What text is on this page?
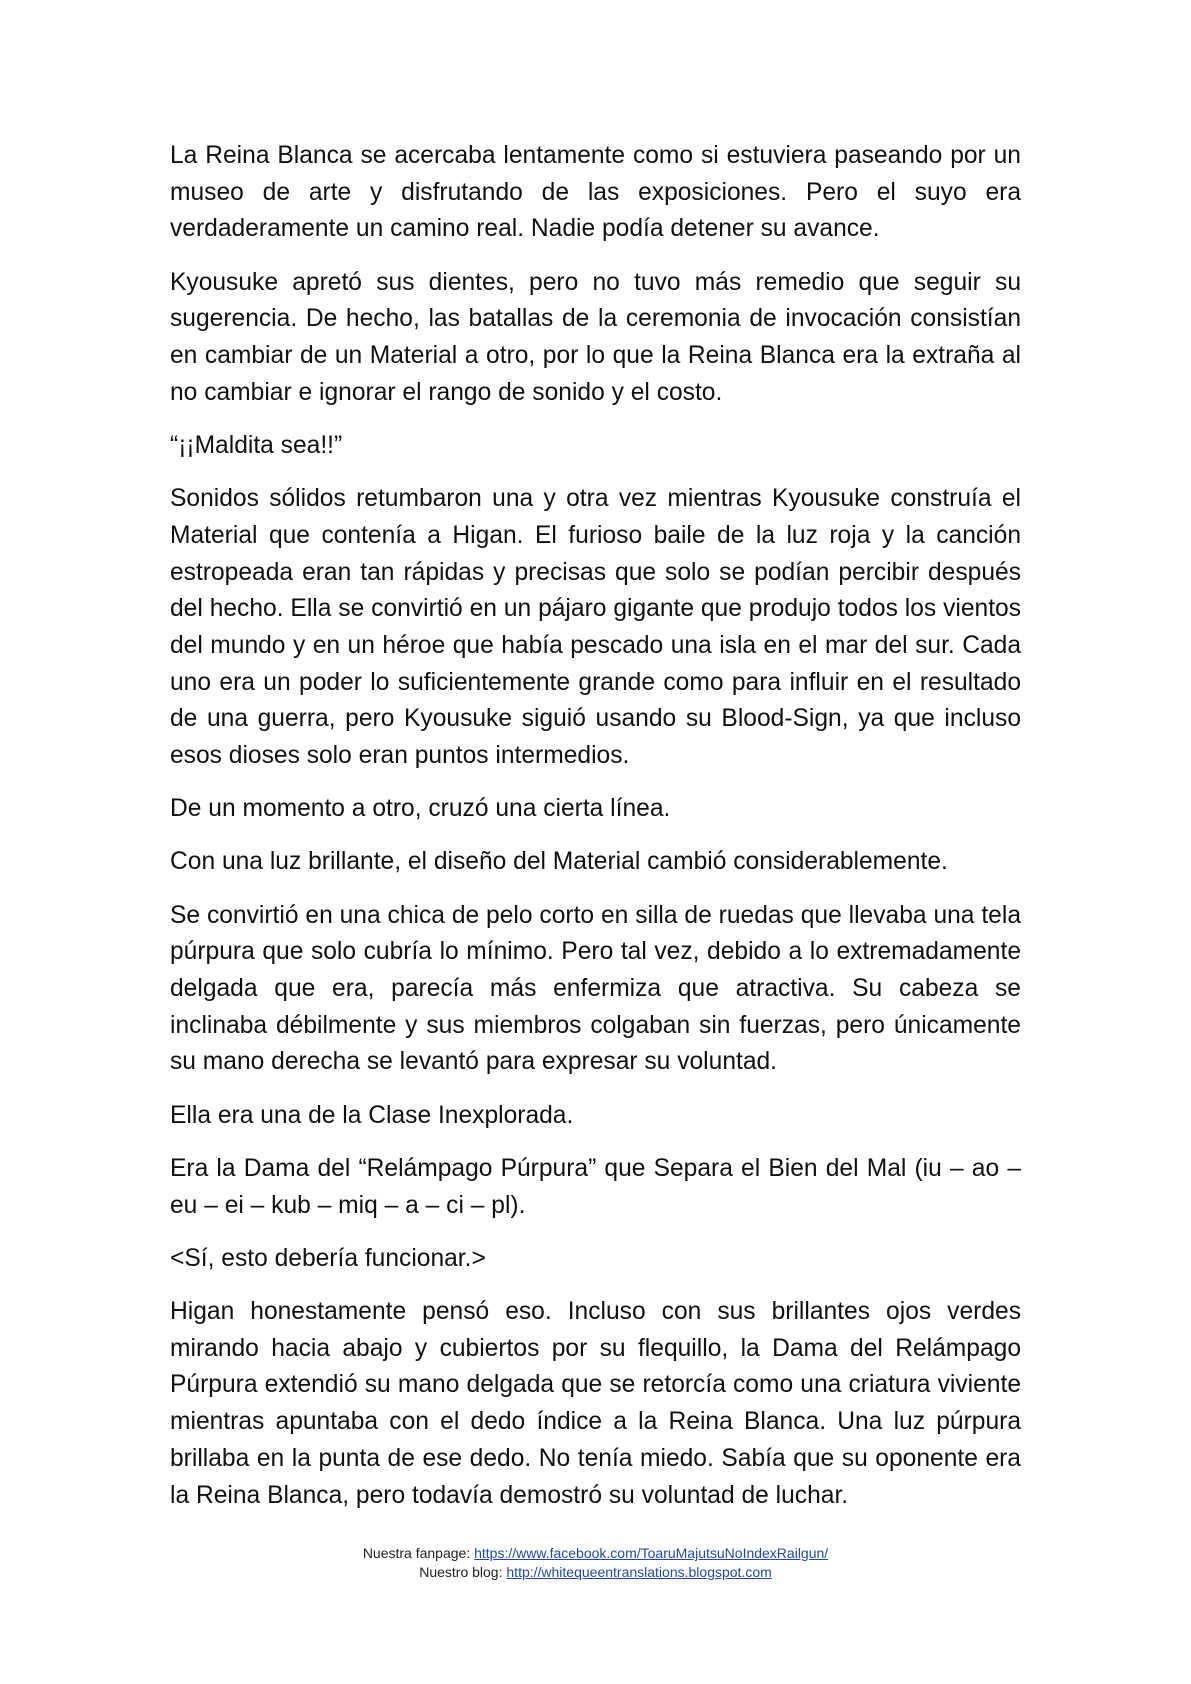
La Reina Blanca se acercaba lentamente como si estuviera paseando por un museo de arte y disfrutando de las exposiciones. Pero el suyo era verdaderamente un camino real. Nadie podía detener su avance.

Kyousuke apretó sus dientes, pero no tuvo más remedio que seguir su sugerencia. De hecho, las batallas de la ceremonia de invocación consistían en cambiar de un Material a otro, por lo que la Reina Blanca era la extraña al no cambiar e ignorar el rango de sonido y el costo.

“¡¡Maldita sea!!”

Sonidos sólidos retumbaron una y otra vez mientras Kyousuke construía el Material que contenía a Higan. El furioso baile de la luz roja y la canción estropeada eran tan rápidas y precisas que solo se podían percibir después del hecho. Ella se convirtió en un pájaro gigante que produjo todos los vientos del mundo y en un héroe que había pescado una isla en el mar del sur. Cada uno era un poder lo suficientemente grande como para influir en el resultado de una guerra, pero Kyousuke siguió usando su Blood-Sign, ya que incluso esos dioses solo eran puntos intermedios.

De un momento a otro, cruzó una cierta línea.

Con una luz brillante, el diseño del Material cambió considerablemente.

Se convirtió en una chica de pelo corto en silla de ruedas que llevaba una tela púrpura que solo cubría lo mínimo. Pero tal vez, debido a lo extremadamente delgada que era, parecía más enfermiza que atractiva. Su cabeza se inclinaba débilmente y sus miembros colgaban sin fuerzas, pero únicamente su mano derecha se levantó para expresar su voluntad.

Ella era una de la Clase Inexplorada.

Era la Dama del “Relámpago Púrpura” que Separa el Bien del Mal (iu – ao – eu – ei – kub – miq – a – ci – pl).

<Sí, esto debería funcionar.>

Higan honestamente pensó eso. Incluso con sus brillantes ojos verdes mirando hacia abajo y cubiertos por su flequillo, la Dama del Relámpago Púrpura extendió su mano delgada que se retorcía como una criatura viviente mientras apuntaba con el dedo índice a la Reina Blanca. Una luz púrpura brillaba en la punta de ese dedo. No tenía miedo. Sabía que su oponente era la Reina Blanca, pero todavía demostró su voluntad de luchar.

Nuestra fanpage: https://www.facebook.com/ToaruMajutsuNoIndexRailgun/
Nuestro blog: http://whitequeentranslations.blogspot.com
